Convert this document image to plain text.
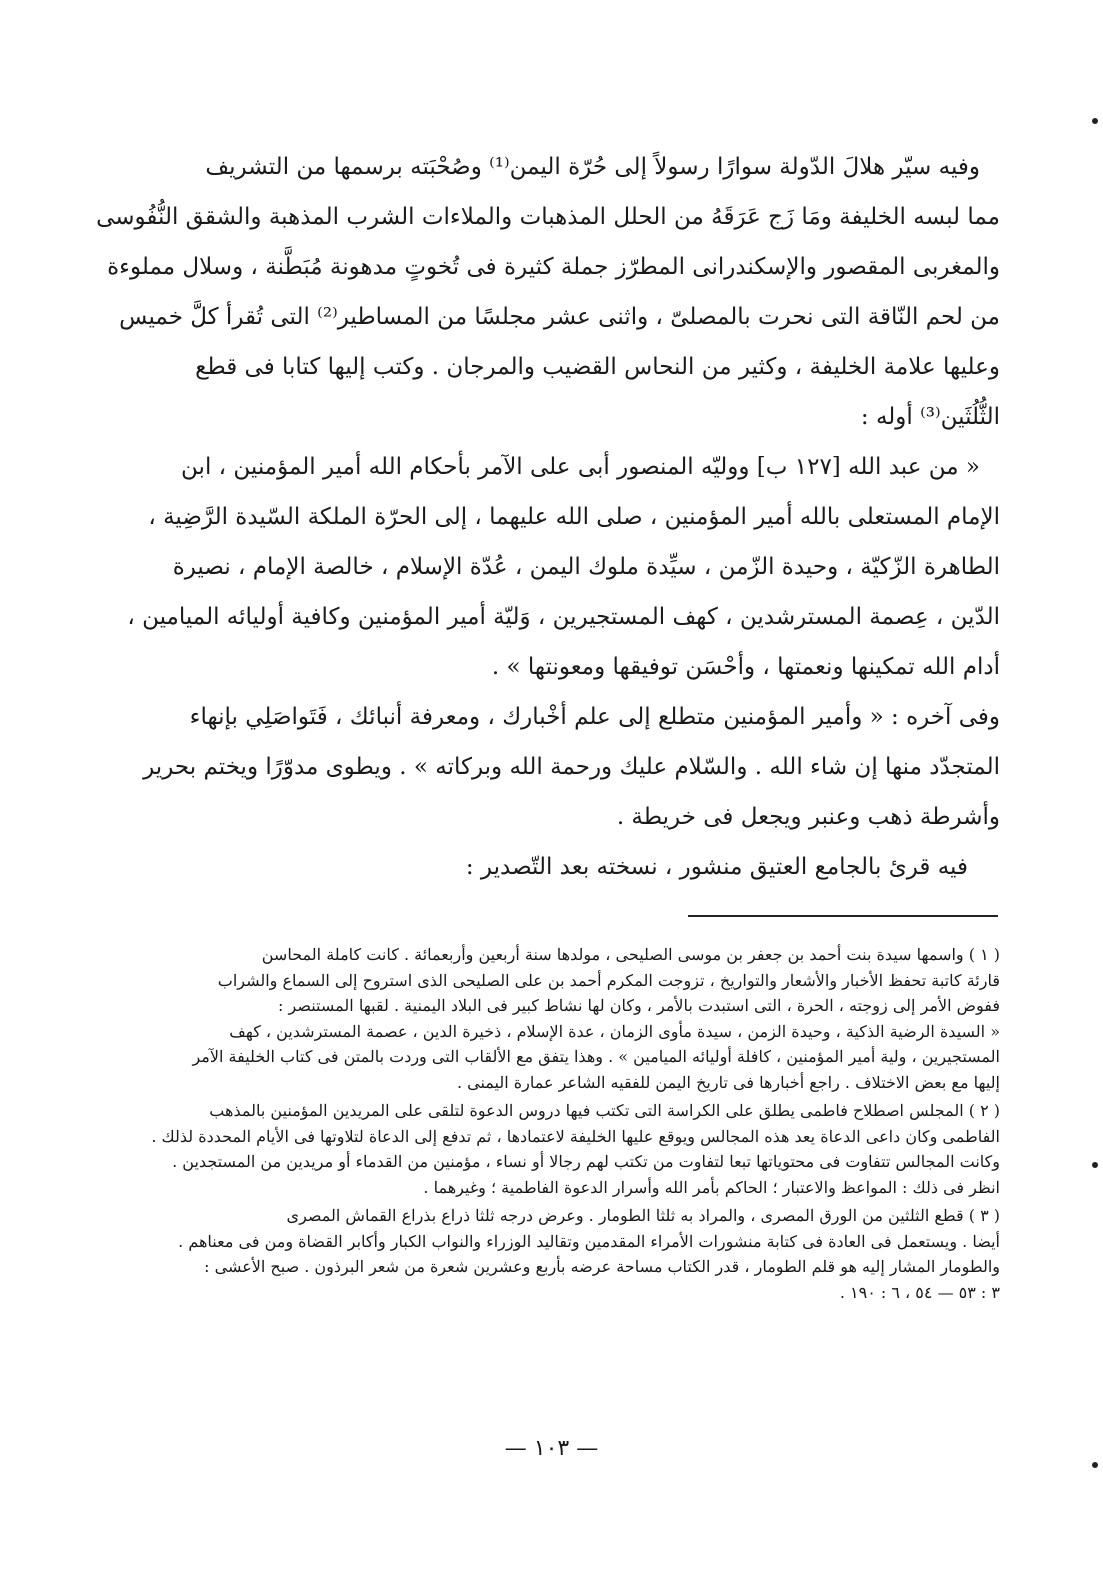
وفيه سيّر هلالَ الدّولة سوارًا رسولاً إلى حُرّة اليمن⁽¹⁾ وصُحْبَته برسمها من التشريف
مما لبسه الخليفة ومَا زَج عَرَقَهُ من الحلل المذهبات والملاءات الشرب المذهبة والشقق النُّفُوسى
والمغربى المقصور والإسكندرانى المطرّز جملة كثيرة فى تُخوتٍ مدهونة مُبَطَّنة ، وسلال مملوءة
من لحم النّاقة التى نحرت بالمصلىّ ، واثنى عشر مجلسًا من المساطير⁽²⁾ التى تُقرأ كلَّ خميس
وعليها علامة الخليفة ، وكثير من النحاس القضيب والمرجان . وكتب إليها كتابا فى قطع
الثُّلُثَين⁽³⁾ أوله :
« من عبد الله [١٢٧ ب] ووليّه المنصور أبى على الآمر بأحكام الله أمير المؤمنين ، ابن
الإمام المستعلى بالله أمير المؤمنين ، صلى الله عليهما ، إلى الحرّة الملكة السّيدة الرَّضِية ،
الطاهرة الزّكيّة ، وحيدة الزّمن ، سيِّدة ملوك اليمن ، عُدّة الإسلام ، خالصة الإمام ، نصيرة
الدّين ، عِصمة المسترشدين ، كهف المستجيرين ، وَليّة أمير المؤمنين وكافية أوليائه الميامين ،
أدام الله تمكينها ونعمتها ، وأحْسَن توفيقها ومعونتها » .
وفى آخره : « وأمير المؤمنين متطلع إلى علم أخْبارك ، ومعرفة أنبائك ، فَتَواصَلِي بإنهاء
المتجدّد منها إن شاء الله . والسّلام عليك ورحمة الله وبركاته » . ويطوى مدوّرًا ويختم بحرير
وأشرطة ذهب وعنبر ويجعل فى خريطة .
فيه قرئ بالجامع العتيق منشور ، نسخته بعد التّصدير :
( ١ ) واسمها سيدة بنت أحمد بن جعفر بن موسى الصليحى ، مولدها سنة أربعين وأربعمائة . كانت كاملة المحاسن
قارئة كاتبة تحفظ الأخبار والأشعار والتواريخ ، تزوجت المكرم أحمد بن على الصليحى الذى استروح إلى السماع والشراب
ففوض الأمر إلى زوجته ، الحرة ، التى استبدت بالأمر ، وكان لها نشاط كبير فى البلاد اليمنية . لقبها المستنصر :
« السيدة الرضية الذكية ، وحيدة الزمن ، سيدة مأوى الزمان ، عدة الإسلام ، ذخيرة الدين ، عصمة المسترشدين ، كهف
المستجيرين ، ولية أمير المؤمنين ، كافلة أوليائه الميامين » . وهذا يتفق مع الألقاب التى وردت بالمتن فى كتاب الخليفة الآمر
إليها مع بعض الاختلاف . راجع أخبارها فى تاريخ اليمن للفقيه الشاعر عمارة اليمنى .
( ٢ ) المجلس اصطلاح فاطمى يطلق على الكراسة التى تكتب فيها دروس الدعوة لتلقى على المريدين المؤمنين بالمذهب
الفاطمى وكان داعى الدعاة يعد هذه المجالس ويوقع عليها الخليفة لاعتمادها ، ثم تدفع إلى الدعاة لتلاوتها فى الأيام المحددة لذلك .
وكانت المجالس تتفاوت فى محتوياتها تبعا لتفاوت من تكتب لهم رجالا أو نساء ، مؤمنين من القدماء أو مريدين من المستجدين .
انظر فى ذلك : المواعظ والاعتبار ؛ الحاكم بأمر الله وأسرار الدعوة الفاطمية ؛ وغيرهما .
( ٣ ) قطع الثلثين من الورق المصرى ، والمراد به ثلثا الطومار . وعرض درجه ثلثا ذراع بذراع القماش المصرى
أيضا . ويستعمل فى العادة فى كتابة منشورات الأمراء المقدمين وتقاليد الوزراء والنواب الكبار وأكابر القضاة ومن فى معناهم .
والطومار المشار إليه هو قلم الطومار ، قدر الكتاب مساحة عرضه بأربع وعشرين شعرة من شعر البرذون . صبح الأعشى :
٣ : ٥٣ — ٥٤ ، ٦ : ١٩٠ .
— ١٠٣ —
